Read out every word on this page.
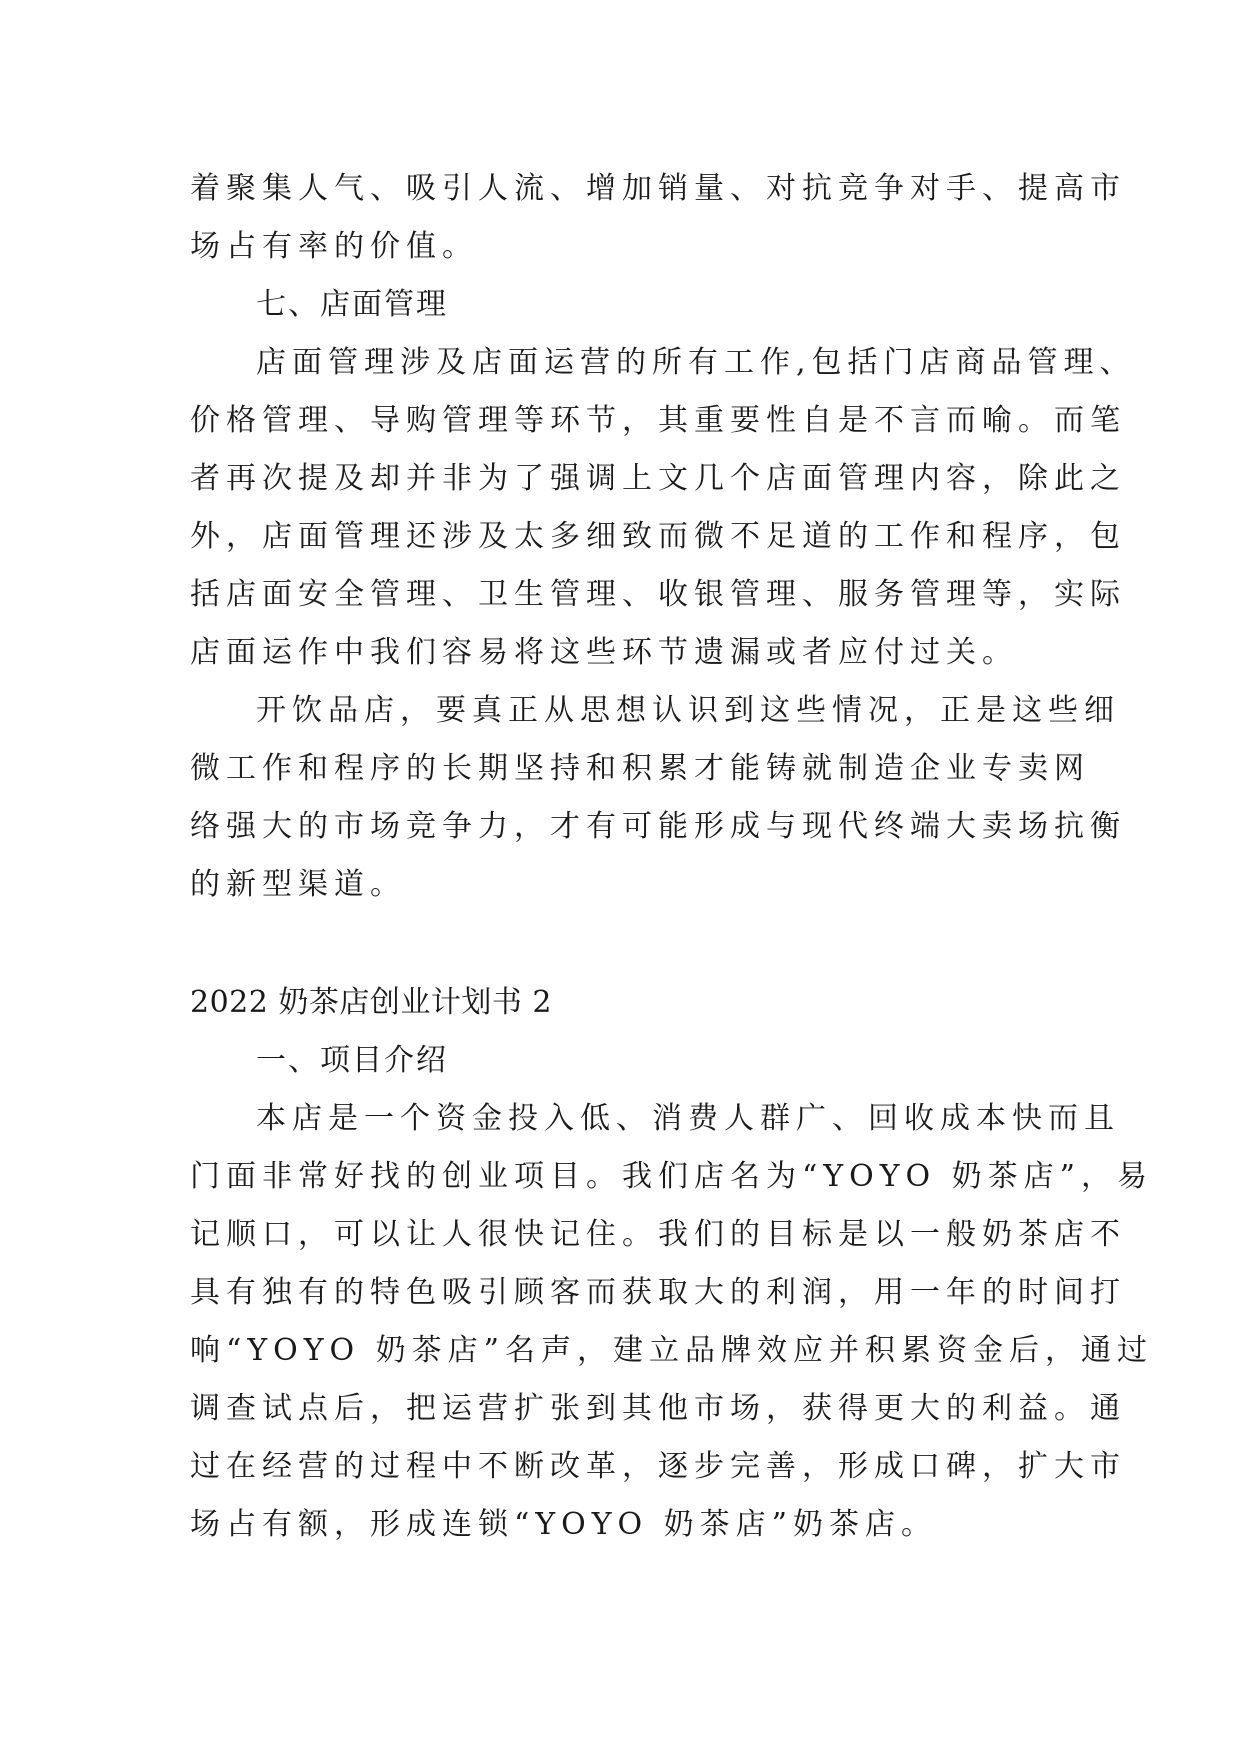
着聚集人气、吸引人流、增加销量、对抗竞争对手、提高市
场占有率的价值。
七、店面管理
店面管理涉及店面运营的所有工作,包括门店商品管理、
价格管理、导购管理等环节，其重要性自是不言而喻。而笔
者再次提及却并非为了强调上文几个店面管理内容，除此之
外，店面管理还涉及太多细致而微不足道的工作和程序，包
括店面安全管理、卫生管理、收银管理、服务管理等，实际
店面运作中我们容易将这些环节遗漏或者应付过关。
开饮品店，要真正从思想认识到这些情况，正是这些细
微工作和程序的长期坚持和积累才能铸就制造企业专卖网
络强大的市场竞争力，才有可能形成与现代终端大卖场抗衡
的新型渠道。
2022 奶茶店创业计划书 2
一、项目介绍
本店是一个资金投入低、消费人群广、回收成本快而且
门面非常好找的创业项目。我们店名为“YOYO 奶茶店”，易
记顺口，可以让人很快记住。我们的目标是以一般奶茶店不
具有独有的特色吸引顾客而获取大的利润，用一年的时间打
响“YOYO 奶茶店”名声，建立品牌效应并积累资金后，通过
调查试点后，把运营扩张到其他市场，获得更大的利益。通
过在经营的过程中不断改革，逐步完善，形成口碑，扩大市
场占有额，形成连锁“YOYO 奶茶店”奶茶店。
